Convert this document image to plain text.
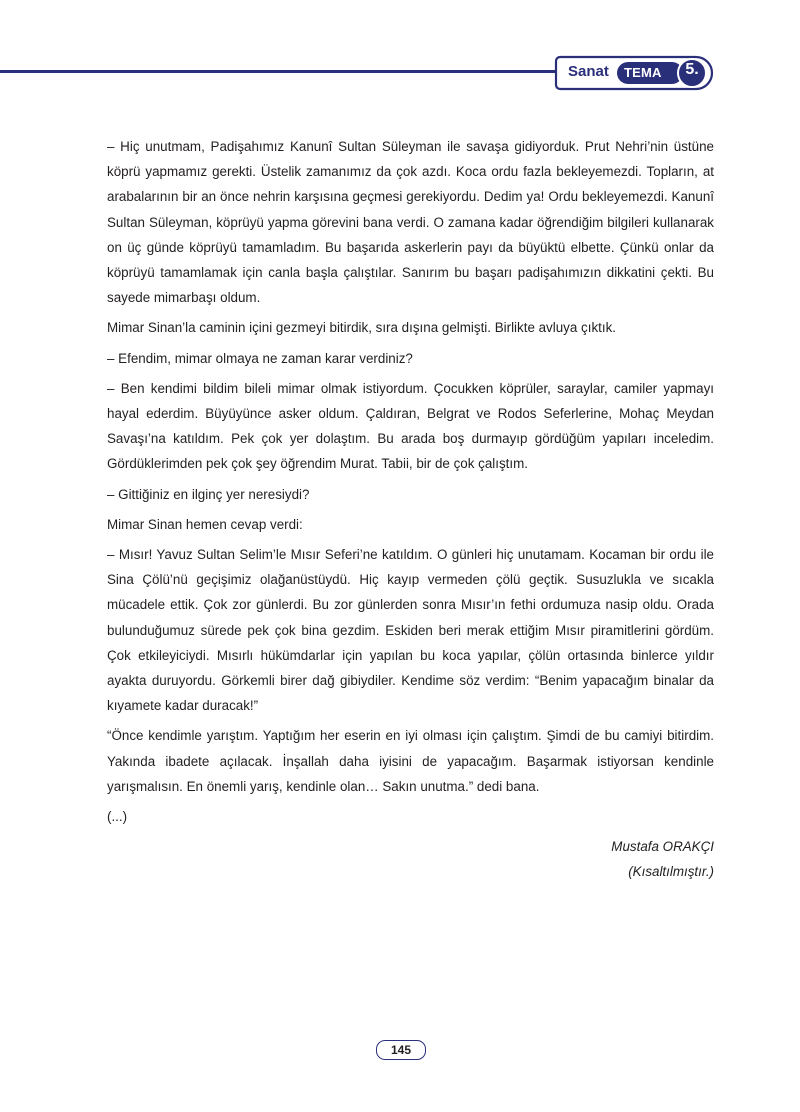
Sanat TEMA	5.

– Hiç unutmam, Padişahımız Kanunî Sultan Süleyman ile savaşa gidiyorduk. Prut Nehri’nin üstüne köprü yapmamız gerekti. Üstelik zamanımız da çok azdı. Koca ordu fazla bekleyemezdi. Topların, at arabalarının bir an önce nehrin karşısına geçmesi gerekiyordu. Dedim ya! Ordu bekleyemezdi. Kanunî Sultan Süleyman, köprüyü yapma görevini bana verdi. O zamana kadar öğrendiğim bilgileri kullanarak on üç günde köprüyü tamamladım. Bu başarıda askerlerin payı da büyüktü elbette. Çünkü onlar da köprüyü tamamlamak için canla başla çalıştılar. Sanırım bu başarı padişahımızın dikkatini çekti. Bu sayede mimarbaşı oldum.

Mimar Sinan’la caminin içini gezmeyi bitirdik, sıra dışına gelmişti. Birlikte avluya çıktık.

– Efendim, mimar olmaya ne zaman karar verdiniz?

– Ben kendimi bildim bileli mimar olmak istiyordum. Çocukken köprüler, saraylar, camiler yapmayı hayal ederdim. Büyüyünce asker oldum. Çaldıran, Belgrat ve Rodos Seferlerine, Mohaç Meydan Savaşı’na katıldım. Pek çok yer dolaştım. Bu arada boş durmayıp gördüğüm yapıları inceledim. Gördüklerimden pek çok şey öğrendim Murat. Tabii, bir de çok çalıştım.

– Gittiğiniz en ilginç yer neresiydi?

Mimar Sinan hemen cevap verdi:

– Mısır! Yavuz Sultan Selim’le Mısır Seferi’ne katıldım. O günleri hiç unutamam. Kocaman bir ordu ile Sina Çölü’nü geçişimiz olağanüstüydü. Hiç kayıp vermeden çölü geçtik. Susuzlukla ve sıcakla mücadele ettik. Çok zor günlerdi. Bu zor günlerden sonra Mısır’ın fethi ordumuza nasip oldu. Orada bulunduğumuz sürede pek çok bina gezdim. Eskiden beri merak ettiğim Mısır piramitlerini gördüm. Çok etkileyiciydi. Mısırlı hükümdarlar için yapılan bu koca yapılar, çölün ortasında binlerce yıldır ayakta duruyordu. Görkemli birer dağ gibiydiler. Kendime söz verdim: “Benim yapacağım binalar da kıyamete kadar duracak!”

“Önce kendimle yarıştım. Yaptığım her eserin en iyi olması için çalıştım. Şimdi de bu camiyi bitirdim. Yakında ibadete açılacak. İnşallah daha iyisini de yapacağım. Başarmak istiyorsan kendinle yarışmalısın. En önemli yarış, kendinle olan… Sakın unutma.” dedi bana.

(...)

Mustafa ORAKÇI

(Kısaltılmıştır.)

145
